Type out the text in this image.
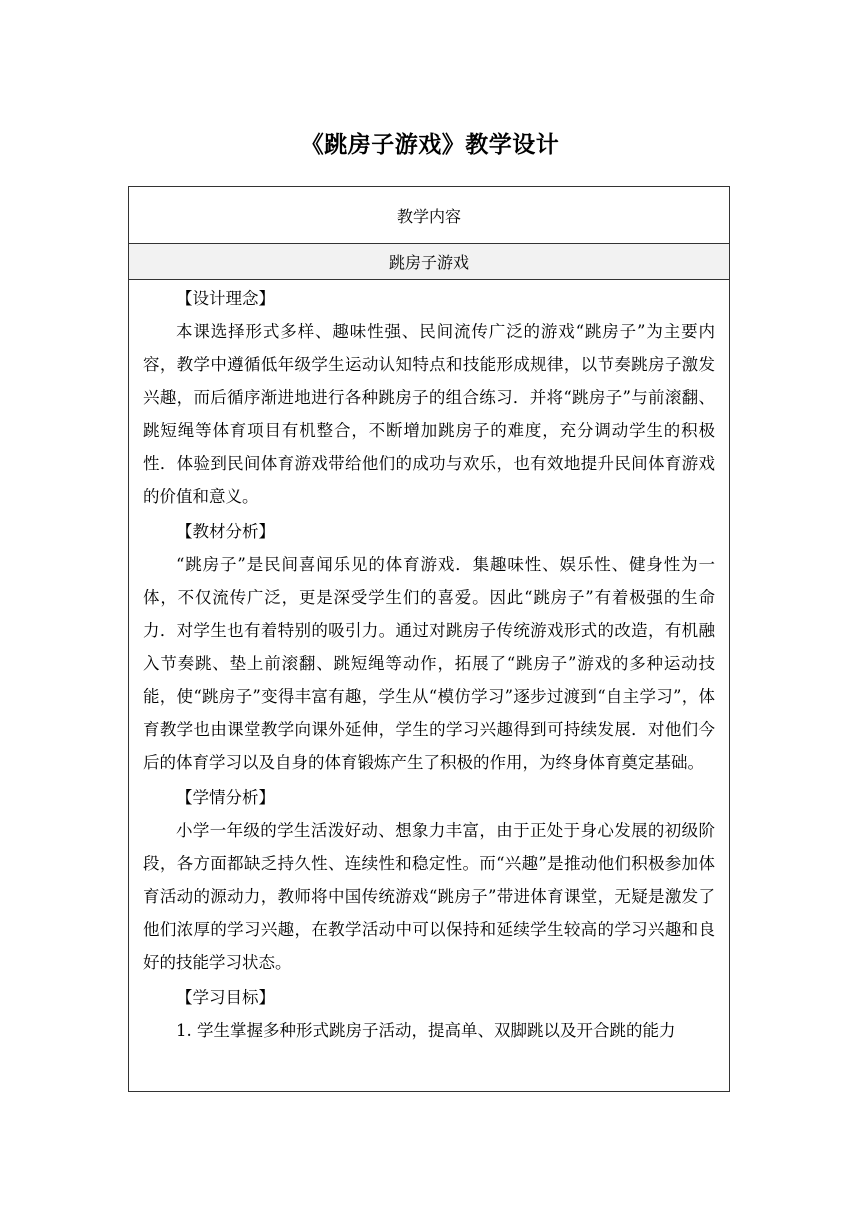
《跳房子游戏》教学设计
教学内容
跳房子游戏

【设计理念】

本课选择形式多样、趣味性强、民间流传广泛的游戏“跳房子”为主要内容，教学中遵循低年级学生运动认知特点和技能形成规律，以节奏跳房子激发兴趣，而后循序渐进地进行各种跳房子的组合练习．并将“跳房子”与前滚翻、跳短绳等体育项目有机整合，不断增加跳房子的难度，充分调动学生的积极性．体验到民间体育游戏带给他们的成功与欢乐，也有效地提升民间体育游戏的价值和意义。

【教材分析】

“跳房子”是民间喜闻乐见的体育游戏．集趣味性、娱乐性、健身性为一体，不仅流传广泛，更是深受学生们的喜爱。因此“跳房子”有着极强的生命力．对学生也有着特别的吸引力。通过对跳房子传统游戏形式的改造，有机融入节奏跳、垫上前滚翻、跳短绳等动作，拓展了“跳房子”游戏的多种运动技能，使“跳房子”变得丰富有趣，学生从“模仿学习”逐步过渡到“自主学习”，体育教学也由课堂教学向课外延伸，学生的学习兴趣得到可持续发展．对他们今后的体育学习以及自身的体育锻炼产生了积极的作用，为终身体育奠定基础。

【学情分析】

小学一年级的学生活泼好动、想象力丰富，由于正处于身心发展的初级阶段，各方面都缺乏持久性、连续性和稳定性。而“兴趣”是推动他们积极参加体育活动的源动力，教师将中国传统游戏“跳房子”带进体育课堂，无疑是激发了他们浓厚的学习兴趣，在教学活动中可以保持和延续学生较高的学习兴趣和良好的技能学习状态。

【学习目标】

1. 学生掌握多种形式跳房子活动，提高单、双脚跳以及开合跳的能力
